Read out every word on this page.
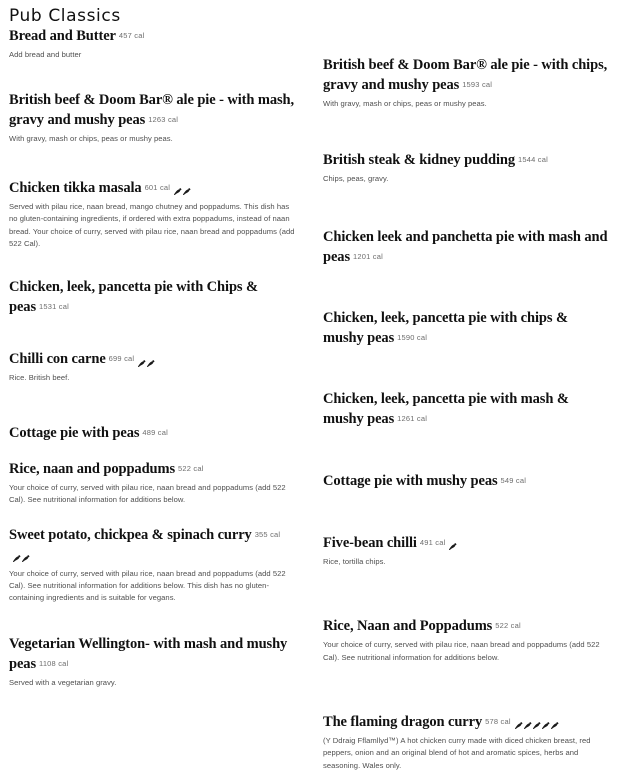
Pub Classics
Bread and Butter 457 cal
Add bread and butter
British beef & Doom Bar® ale pie - with mash, gravy and mushy peas 1263 cal
With gravy, mash or chips, peas or mushy peas.
Chicken tikka masala 601 cal
Served with pilau rice, naan bread, mango chutney and poppadums. This dish has no gluten-containing ingredients, if ordered with extra poppadums, instead of naan bread. Your choice of curry, served with pilau rice, naan bread and poppadums (add 522 Cal).
Chicken, leek, pancetta pie with Chips & peas 1531 cal
Chilli con carne 699 cal
Rice. British beef.
Cottage pie with peas 489 cal
Rice, naan and poppadums 522 cal
Your choice of curry, served with pilau rice, naan bread and poppadums (add 522 Cal). See nutritional information for additions below.
Sweet potato, chickpea & spinach curry 355 cal
Your choice of curry, served with pilau rice, naan bread and poppadums (add 522 Cal). See nutritional information for additions below. This dish has no gluten-containing ingredients and is suitable for vegans.
Vegetarian Wellington- with mash and mushy peas 1108 cal
Served with a vegetarian gravy.
British beef & Doom Bar® ale pie - with chips, gravy and mushy peas 1593 cal
With gravy, mash or chips, peas or mushy peas.
British steak & kidney pudding 1544 cal
Chips, peas, gravy.
Chicken leek and panchetta pie with mash and peas 1201 cal
Chicken, leek, pancetta pie with chips & mushy peas 1590 cal
Chicken, leek, pancetta pie with mash & mushy peas 1261 cal
Cottage pie with mushy peas 549 cal
Five-bean chilli 491 cal
Rice, tortilla chips.
Rice, Naan and Poppadums 522 cal
Your choice of curry, served with pilau rice, naan bread and poppadums (add 522 Cal). See nutritional information for additions below.
The flaming dragon curry 578 cal
(Y Ddraig Fflamllyd™) A hot chicken curry made with diced chicken breast, red peppers, onion and an original blend of hot and aromatic spices, herbs and seasoning. Wales only.
